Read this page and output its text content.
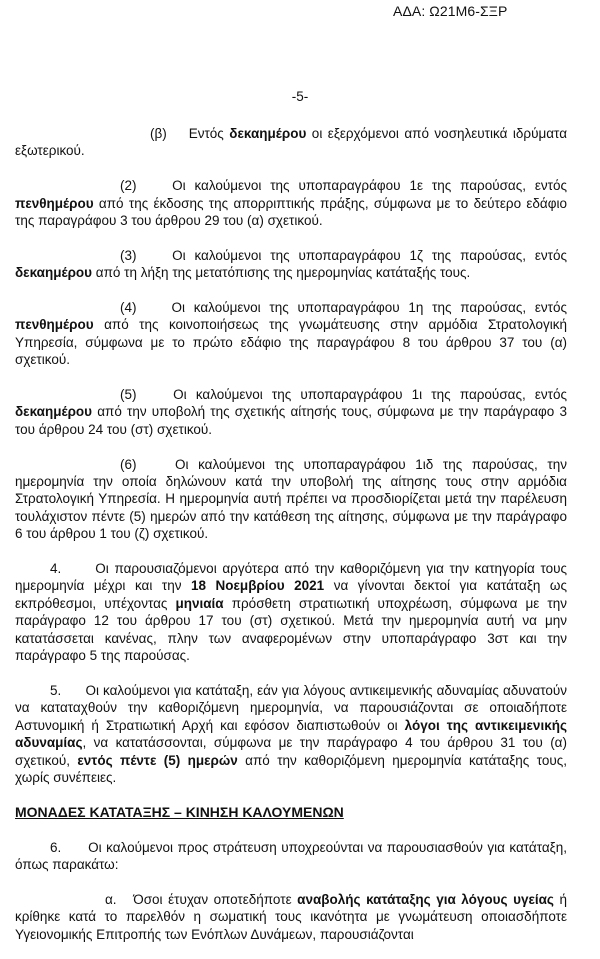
ΑΔΑ: Ω21Μ6-ΣΞΡ
-5-

(β) Εντός δεκαημέρου οι εξερχόμενοι από νοσηλευτικά ιδρύματα εξωτερικού.

(2)	Οι καλούμενοι της υποπαραγράφου 1ε της παρούσας, εντός πενθημέρου από της έκδοσης της απορριπτικής πράξης, σύμφωνα με το δεύτερο εδάφιο της παραγράφου 3 του άρθρου 29 του (α) σχετικού.

(3)	Οι καλούμενοι της υποπαραγράφου 1ζ της παρούσας, εντός δεκαημέρου από τη λήξη της μετατόπισης της ημερομηνίας κατάταξής τους.

(4)	Οι καλούμενοι της υποπαραγράφου 1η της παρούσας, εντός πενθημέρου από της κοινοποιήσεως της γνωμάτευσης στην αρμόδια Στρατολογική Υπηρεσία, σύμφωνα με το πρώτο εδάφιο της παραγράφου 8 του άρθρου 37 του (α) σχετικού.

(5)	Οι καλούμενοι της υποπαραγράφου 1ι της παρούσας, εντός δεκαημέρου από την υποβολή της σχετικής αίτησής τους, σύμφωνα με την παράγραφο 3 του άρθρου 24 του (στ) σχετικού.

(6)	Οι καλούμενοι της υποπαραγράφου 1ιδ της παρούσας, την ημερομηνία την οποία δηλώνουν κατά την υποβολή της αίτησης τους στην αρμόδια Στρατολογική Υπηρεσία. Η ημερομηνία αυτή πρέπει να προσδιορίζεται μετά την παρέλευση τουλάχιστον πέντε (5) ημερών από την κατάθεση της αίτησης, σύμφωνα με την παράγραφο 6 του άρθρου 1 του (ζ) σχετικού.

4.	Οι παρουσιαζόμενοι αργότερα από την καθοριζόμενη για την κατηγορία τους ημερομηνία μέχρι και την 18 Νοεμβρίου 2021 να γίνονται δεκτοί για κατάταξη ως εκπρόθεσμοι, υπέχοντας μηνιαία πρόσθετη στρατιωτική υποχρέωση, σύμφωνα με την παράγραφο 12 του άρθρου 17 του (στ) σχετικού. Μετά την ημερομηνία αυτή να μην κατατάσσεται κανένας, πλην των αναφερομένων στην υποπαράγραφο 3στ και την παράγραφο 5 της παρούσας.

5. Οι καλούμενοι για κατάταξη, εάν για λόγους αντικειμενικής αδυναμίας αδυνατούν να καταταχθούν την καθοριζόμενη ημερομηνία, να παρουσιάζονται σε οποιαδήποτε Αστυνομική ή Στρατιωτική Αρχή και εφόσον διαπιστωθούν οι λόγοι της αντικειμενικής αδυναμίας, να κατατάσσονται, σύμφωνα με την παράγραφο 4 του άρθρου 31 του (α) σχετικού, εντός πέντε (5) ημερών από την καθοριζόμενη ημερομηνία κατάταξης τους, χωρίς συνέπειες.

ΜΟΝΑΔΕΣ ΚΑΤΑΤΑΞΗΣ – ΚΙΝΗΣΗ ΚΑΛΟΥΜΕΝΩΝ

6. Οι καλούμενοι προς στράτευση υποχρεούνται να παρουσιασθούν για κατάταξη, όπως παρακάτω:

α. Όσοι έτυχαν οποτεδήποτε αναβολής κατάταξης για λόγους υγείας ή κρίθηκε κατά το παρελθόν η σωματική τους ικανότητα με γνωμάτευση οποιασδήποτε Υγειονομικής Επιτροπής των Ενόπλων Δυνάμεων, παρουσιάζονται
